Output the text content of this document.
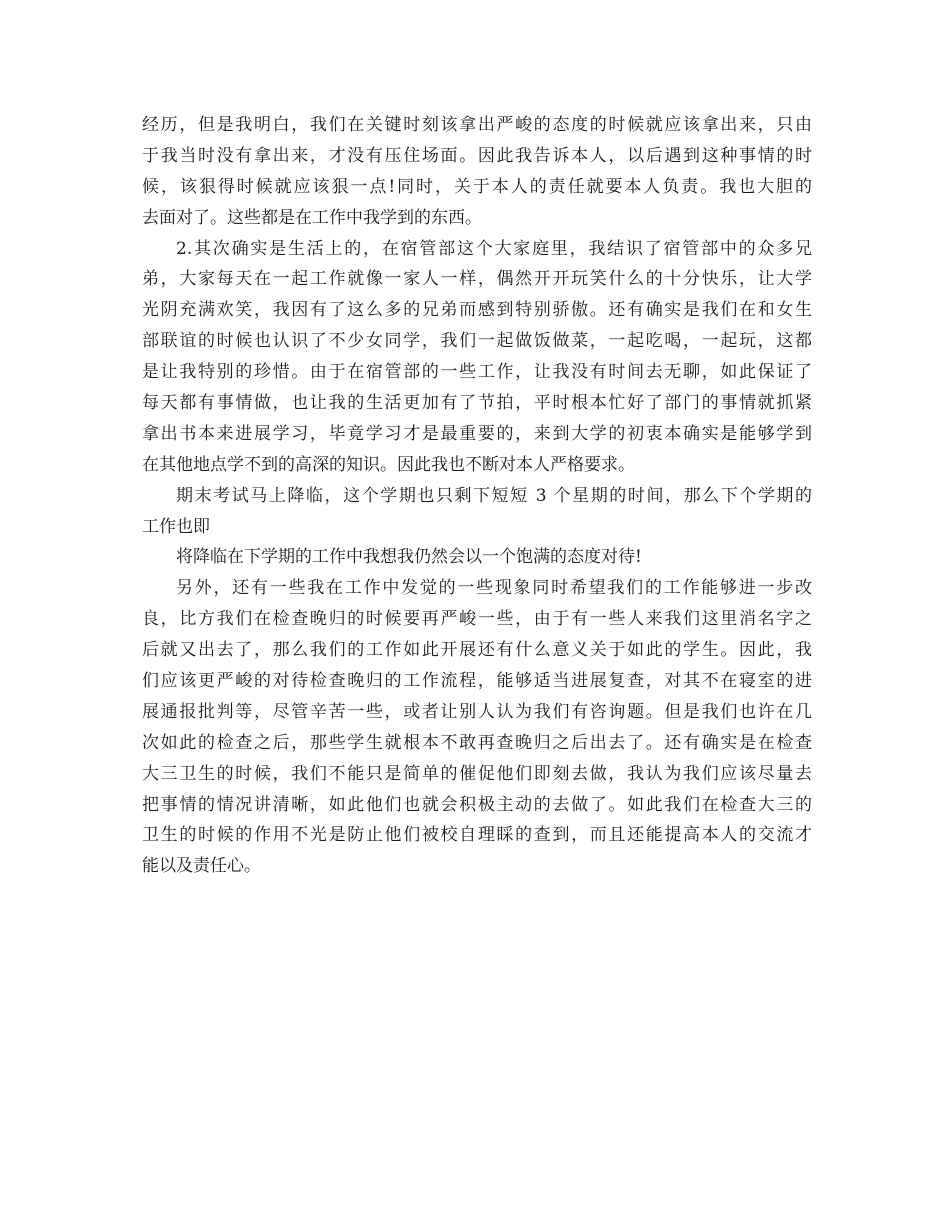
经历，但是我明白，我们在关键时刻该拿出严峻的态度的时候就应该拿出来，只由
于我当时没有拿出来，才没有压住场面。因此我告诉本人，以后遇到这种事情的时
候，该狠得时候就应该狠一点!同时，关于本人的责任就要本人负责。我也大胆的
去面对了。这些都是在工作中我学到的东西。
2.其次确实是生活上的，在宿管部这个大家庭里，我结识了宿管部中的众多兄
弟，大家每天在一起工作就像一家人一样，偶然开开玩笑什么的十分快乐，让大学
光阴充满欢笑，我因有了这么多的兄弟而感到特别骄傲。还有确实是我们在和女生
部联谊的时候也认识了不少女同学，我们一起做饭做菜，一起吃喝，一起玩，这都
是让我特别的珍惜。由于在宿管部的一些工作，让我没有时间去无聊，如此保证了
每天都有事情做，也让我的生活更加有了节拍，平时根本忙好了部门的事情就抓紧
拿出书本来进展学习，毕竟学习才是最重要的，来到大学的初衷本确实是能够学到
在其他地点学不到的高深的知识。因此我也不断对本人严格要求。
期末考试马上降临，这个学期也只剩下短短 3 个星期的时间，那么下个学期的
工作也即
将降临在下学期的工作中我想我仍然会以一个饱满的态度对待!
另外，还有一些我在工作中发觉的一些现象同时希望我们的工作能够进一步改
良，比方我们在检查晚归的时候要再严峻一些，由于有一些人来我们这里消名字之
后就又出去了，那么我们的工作如此开展还有什么意义关于如此的学生。因此，我
们应该更严峻的对待检查晚归的工作流程，能够适当进展复查，对其不在寝室的进
展通报批判等，尽管辛苦一些，或者让别人认为我们有咨询题。但是我们也许在几
次如此的检查之后，那些学生就根本不敢再查晚归之后出去了。还有确实是在检查
大三卫生的时候，我们不能只是简单的催促他们即刻去做，我认为我们应该尽量去
把事情的情况讲清晰，如此他们也就会积极主动的去做了。如此我们在检查大三的
卫生的时候的作用不光是防止他们被校自理睬的查到，而且还能提高本人的交流才
能以及责任心。
